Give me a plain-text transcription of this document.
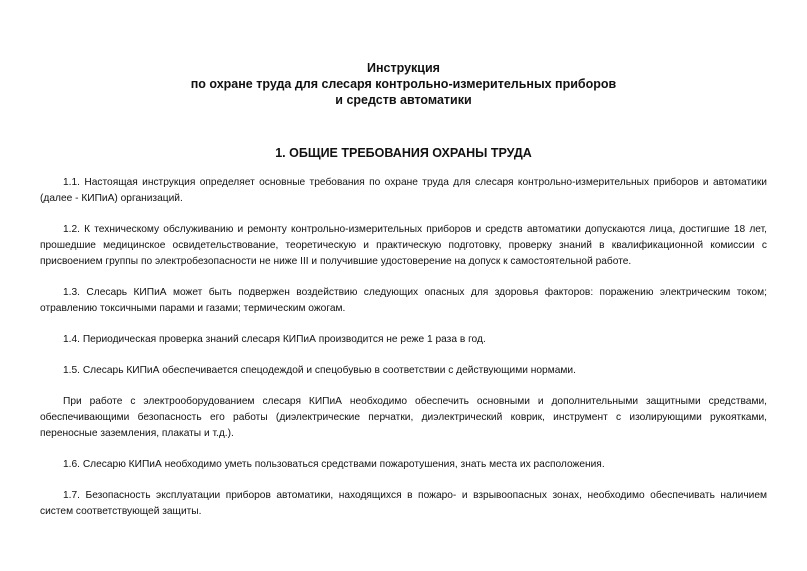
Инструкция
по охране труда для слесаря контрольно-измерительных приборов
и средств автоматики
1. ОБЩИЕ ТРЕБОВАНИЯ ОХРАНЫ ТРУДА

1.1. Настоящая инструкция определяет основные требования по охране труда для слесаря контрольно-измерительных приборов и автоматики (далее - КИПиА) организаций.

1.2. К техническому обслуживанию и ремонту контрольно-измерительных приборов и средств автоматики допускаются лица, достигшие 18 лет, прошедшие медицинское освидетельствование, теоретическую и практическую подготовку, проверку знаний в квалификационной комиссии с присвоением группы по электробезопасности не ниже III и получившие удостоверение на допуск к самостоятельной работе.

1.3. Слесарь КИПиА может быть подвержен воздействию следующих опасных для здоровья факторов: поражению электрическим током; отравлению токсичными парами и газами; термическим ожогам.

1.4. Периодическая проверка знаний слесаря КИПиА производится не реже 1 раза в год.

1.5. Слесарь КИПиА обеспечивается спецодеждой и спецобувью в соответствии с действующими нормами.

При работе с электрооборудованием слесаря КИПиА необходимо обеспечить основными и дополнительными защитными средствами, обеспечивающими безопасность его работы (диэлектрические перчатки, диэлектрический коврик, инструмент с изолирующими рукоятками, переносные заземления, плакаты и т.д.).

1.6. Слесарю КИПиА необходимо уметь пользоваться средствами пожаротушения, знать места их расположения.

1.7. Безопасность эксплуатации приборов автоматики, находящихся в пожаро- и взрывоопасных зонах, необходимо обеспечивать наличием систем соответствующей защиты.
